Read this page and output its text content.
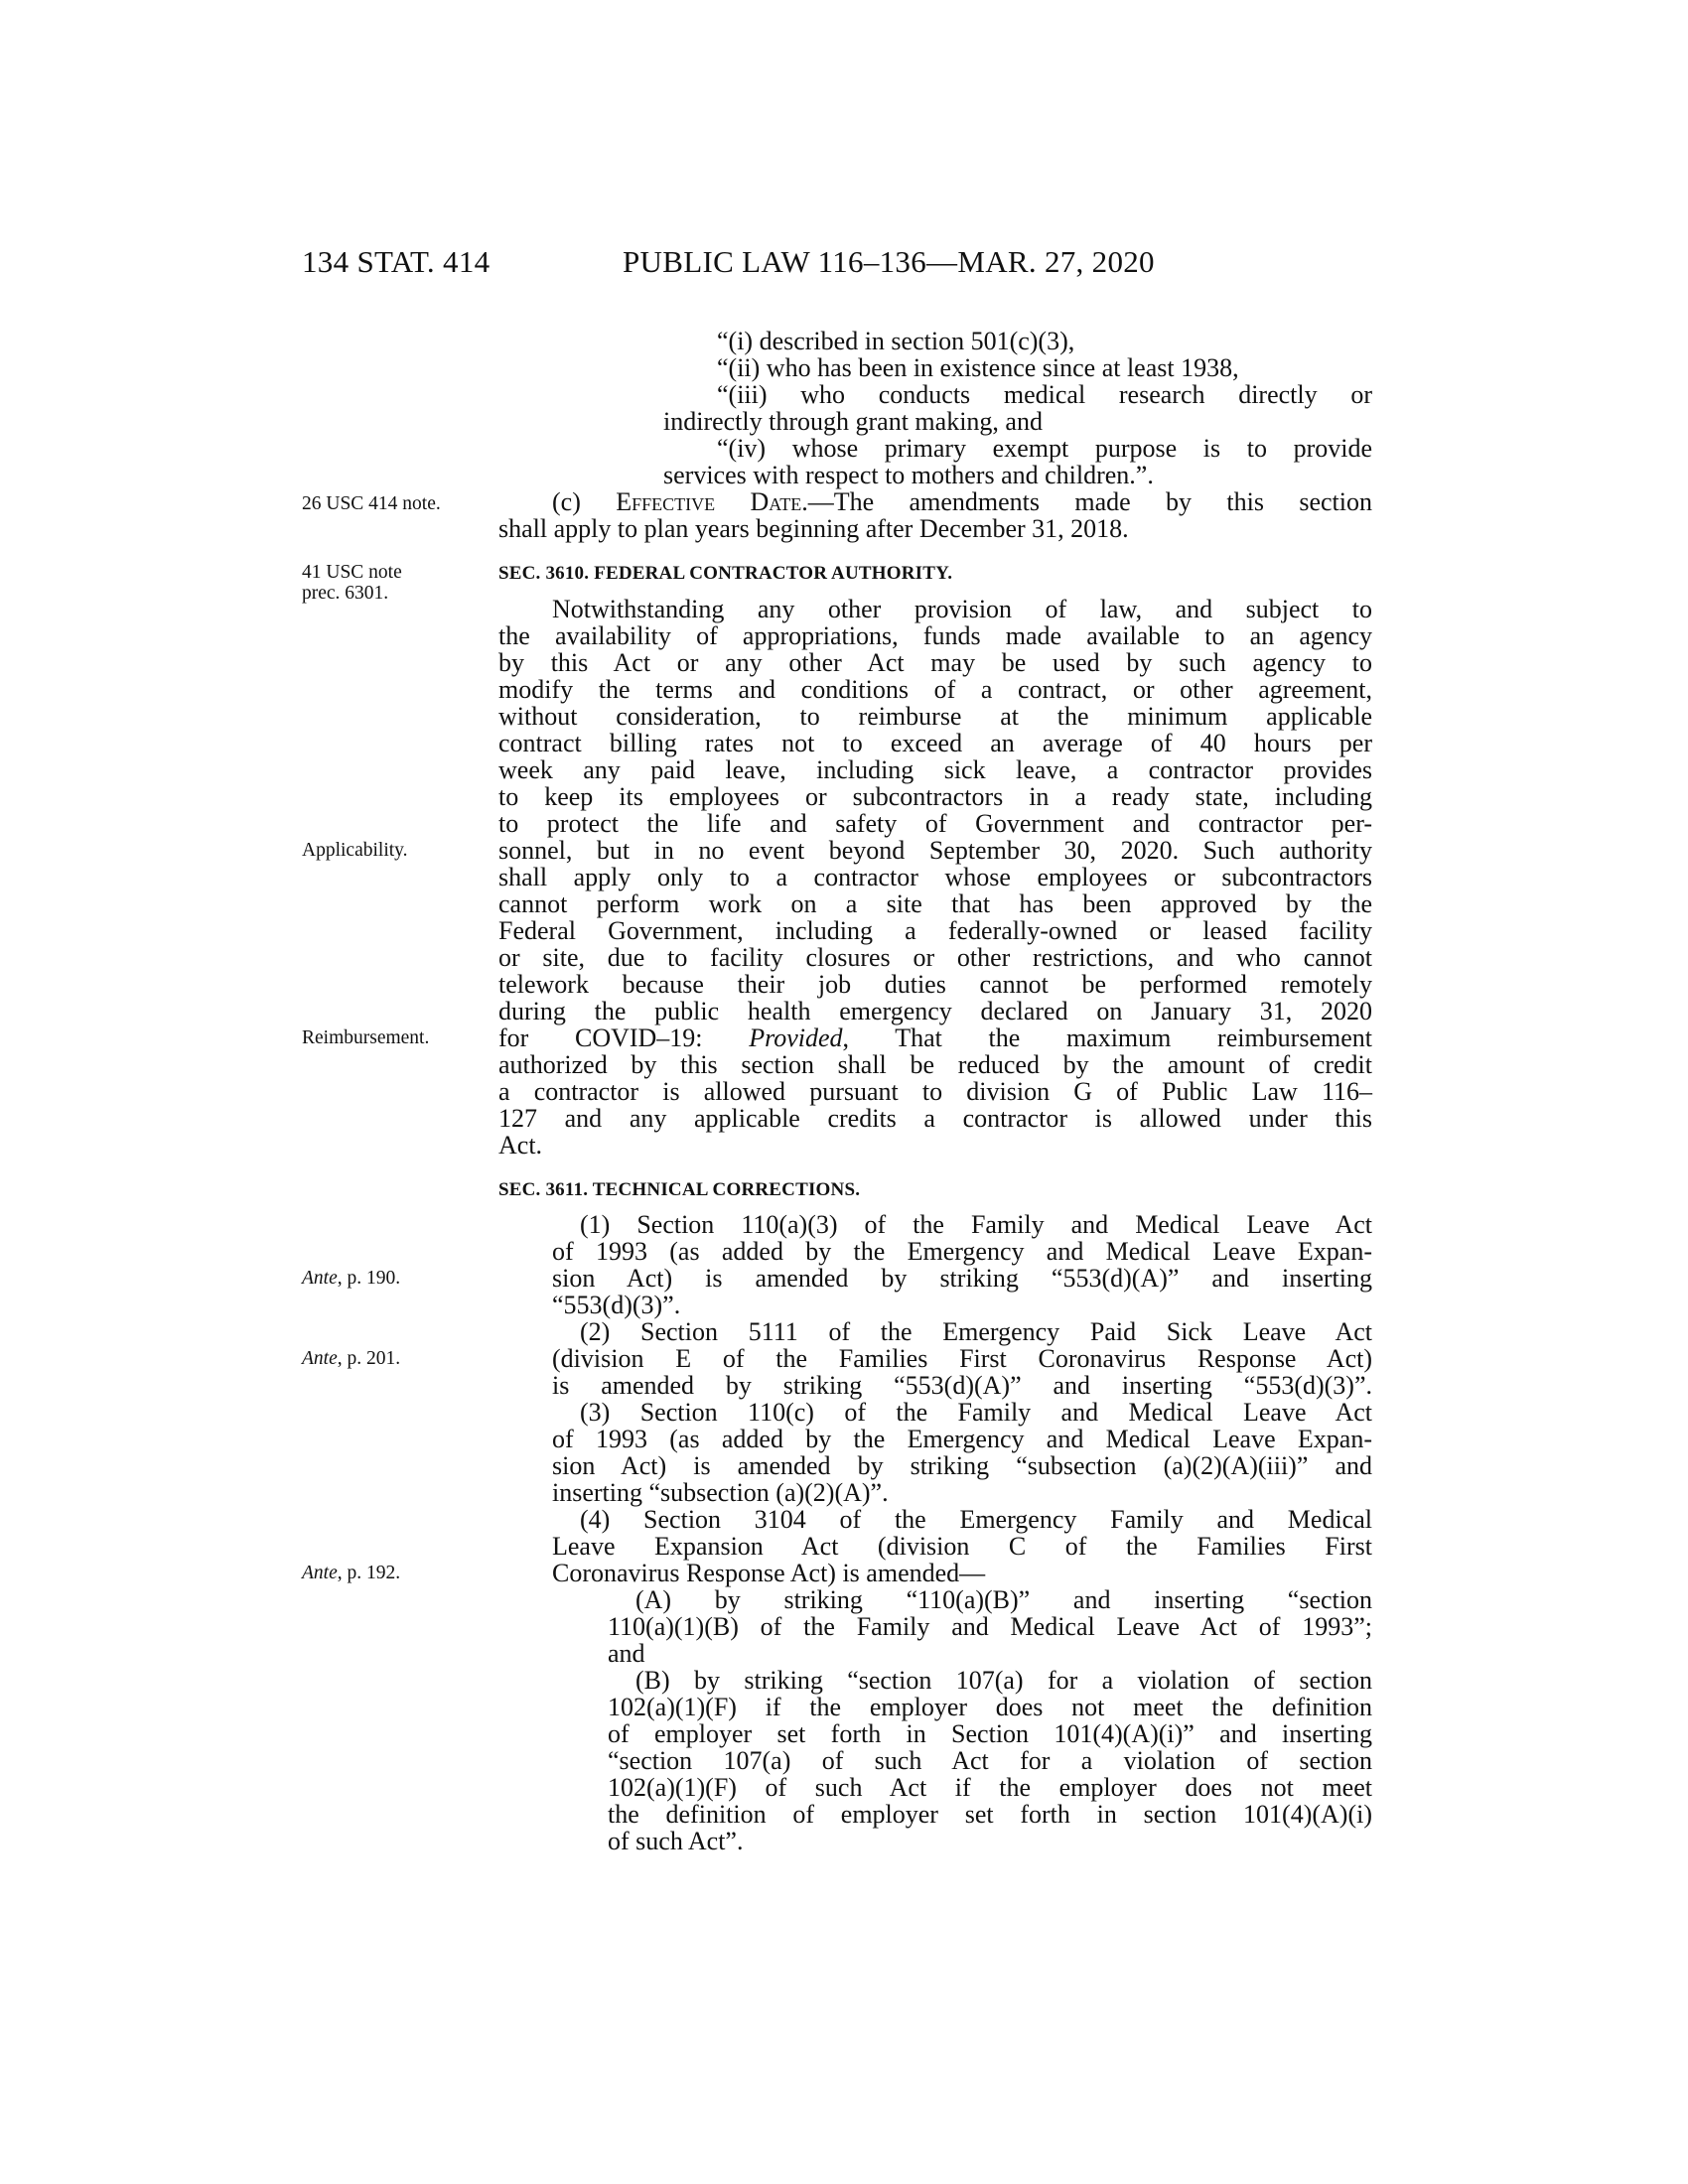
134 STAT. 414	PUBLIC LAW 116–136—MAR. 27, 2020
“(i) described in section 501(c)(3),
“(ii) who has been in existence since at least 1938,
“(iii) who conducts medical research directly or
indirectly through grant making, and
“(iv) whose primary exempt purpose is to provide
services with respect to mothers and children.”.
26 USC 414 note.	(c) Effective Date.—The amendments made by this section
shall apply to plan years beginning after December 31, 2018.
41 USC note
prec. 6301.
SEC. 3610. FEDERAL CONTRACTOR AUTHORITY.
Notwithstanding any other provision of law, and subject to
the availability of appropriations, funds made available to an agency
by this Act or any other Act may be used by such agency to
modify the terms and conditions of a contract, or other agreement,
without consideration, to reimburse at the minimum applicable
contract billing rates not to exceed an average of 40 hours per
week any paid leave, including sick leave, a contractor provides
to keep its employees or subcontractors in a ready state, including
to protect the life and safety of Government and contractor per-
Applicability.	sonnel, but in no event beyond September 30, 2020. Such authority
shall apply only to a contractor whose employees or subcontractors
cannot perform work on a site that has been approved by the
Federal Government, including a federally-owned or leased facility
or site, due to facility closures or other restrictions, and who cannot
telework because their job duties cannot be performed remotely
during the public health emergency declared on January 31, 2020
Reimbursement.	for COVID–19: Provided, That the maximum reimbursement
authorized by this section shall be reduced by the amount of credit
a contractor is allowed pursuant to division G of Public Law 116–
127 and any applicable credits a contractor is allowed under this
Act.
SEC. 3611. TECHNICAL CORRECTIONS.
(1) Section 110(a)(3) of the Family and Medical Leave Act
of 1993 (as added by the Emergency and Medical Leave Expan-
Ante, p. 190.	sion Act) is amended by striking “553(d)(A)” and inserting
“553(d)(3)”.
(2) Section 5111 of the Emergency Paid Sick Leave Act
Ante, p. 201.	(division E of the Families First Coronavirus Response Act)
is amended by striking “553(d)(A)” and inserting “553(d)(3)”.
(3) Section 110(c) of the Family and Medical Leave Act
of 1993 (as added by the Emergency and Medical Leave Expan-
sion Act) is amended by striking “subsection (a)(2)(A)(iii)” and
inserting “subsection (a)(2)(A)”.
(4) Section 3104 of the Emergency Family and Medical
Leave Expansion Act (division C of the Families First
Ante, p. 192.	Coronavirus Response Act) is amended—
(A) by striking “110(a)(B)” and inserting “section
110(a)(1)(B) of the Family and Medical Leave Act of 1993”;
and
(B) by striking “section 107(a) for a violation of section
102(a)(1)(F) if the employer does not meet the definition
of employer set forth in Section 101(4)(A)(i)” and inserting
“section 107(a) of such Act for a violation of section
102(a)(1)(F) of such Act if the employer does not meet
the definition of employer set forth in section 101(4)(A)(i)
of such Act”.
